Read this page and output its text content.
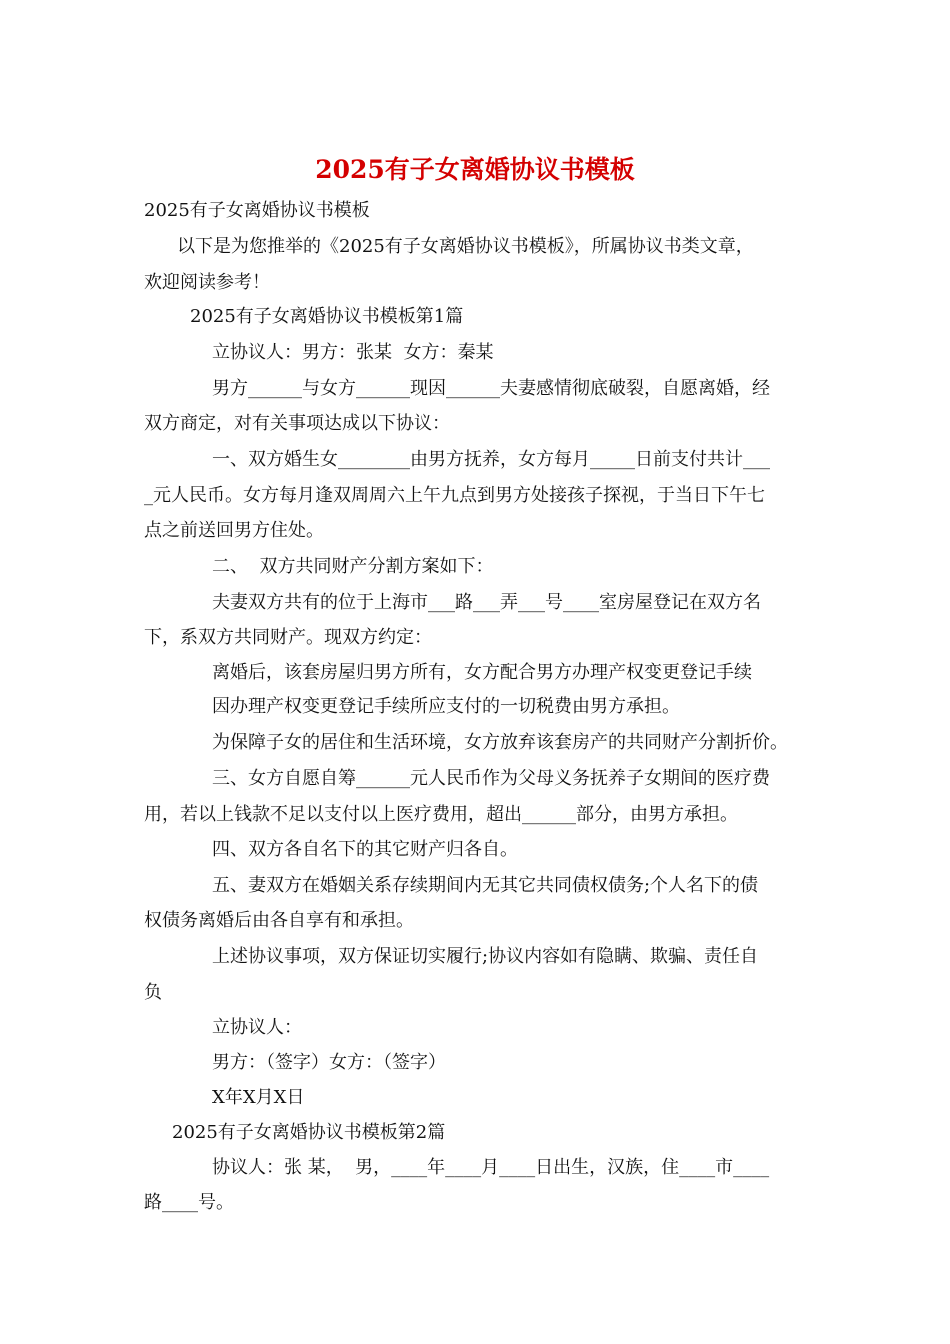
2025有子女离婚协议书模板
2025有子女离婚协议书模板
以下是为您推举的《2025有子女离婚协议书模板》，所属协议书类文章，
欢迎阅读参考！
2025有子女离婚协议书模板第1篇
立协议人：男方：张某  女方：秦某
男方______与女方______现因______夫妻感情彻底破裂，自愿离婚，经
双方商定，对有关事项达成以下协议：
一、双方婚生女________由男方抚养，女方每月_____日前支付共计___
_元人民币。女方每月逢双周周六上午九点到男方处接孩子探视，于当日下午七
点之前送回男方住处。
二、  双方共同财产分割方案如下：
夫妻双方共有的位于上海市___路___弄___号____室房屋登记在双方名
下，系双方共同财产。现双方约定：
离婚后，该套房屋归男方所有，女方配合男方办理产权变更登记手续
因办理产权变更登记手续所应支付的一切税费由男方承担。
为保障子女的居住和生活环境，女方放弃该套房产的共同财产分割折价。
三、女方自愿自筹______元人民币作为父母义务抚养子女期间的医疗费
用，若以上钱款不足以支付以上医疗费用，超出______部分，由男方承担。
四、双方各自名下的其它财产归各自。
五、妻双方在婚姻关系存续期间内无其它共同债权债务;个人名下的债
权债务离婚后由各自享有和承担。
上述协议事项，双方保证切实履行;协议内容如有隐瞒、欺骗、责任自
负
立协议人：
男方：（签字）女方：（签字）
X年X月X日
2025有子女离婚协议书模板第2篇
协议人：张 某，  男，____年____月____日出生，汉族，住____市____
路____号。
